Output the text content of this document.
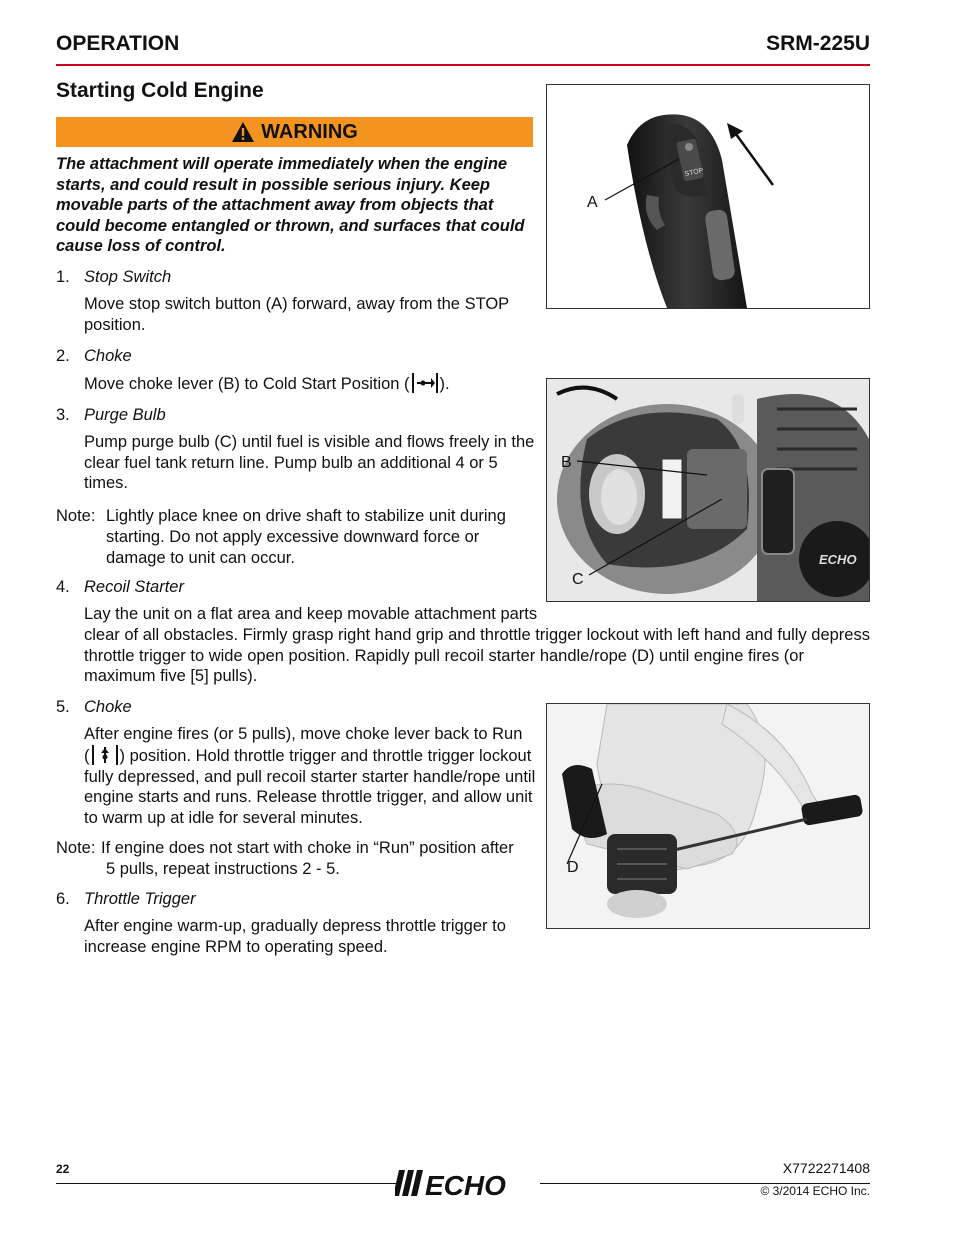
OPERATION	SRM-225U
Starting Cold Engine
WARNING
The attachment will operate immediately when the engine starts, and could result in possible serious injury. Keep movable parts of the attachment away from objects that could become entangled or thrown, and surfaces that could cause loss of control.
1. Stop Switch
Move stop switch button (A) forward, away from the STOP position.
2. Choke
Move choke lever (B) to Cold Start Position ( ).
3. Purge Bulb
Pump purge bulb (C) until fuel is visible and flows freely in the clear fuel tank return line. Pump bulb an additional 4 or 5 times.
Note: Lightly place knee on drive shaft to stabilize unit during
starting. Do not apply excessive downward force or damage to unit can occur.
4. Recoil Starter
Lay the unit on a flat area and keep movable attachment parts
clear of all obstacles. Firmly grasp right hand grip and throttle trigger lockout with left hand and fully depress throttle trigger to wide open position. Rapidly pull recoil starter handle/rope (D) until engine fires (or maximum five [5] pulls).
5. Choke
After engine fires (or 5 pulls), move choke lever back to Run
( ) position. Hold throttle trigger and throttle trigger lockout fully depressed, and pull recoil starter starter handle/rope until engine starts and runs. Release throttle trigger, and allow unit to warm up at idle for several minutes.
Note: If engine does not start with choke in “Run” position after
5 pulls, repeat instructions 2 - 5.
6. Throttle Trigger
After engine warm-up, gradually depress throttle trigger to increase engine RPM to operating speed.
STOP
A
ECHO
B
C
D
22
ECHO
X7722271408
© 3/2014 ECHO Inc.
